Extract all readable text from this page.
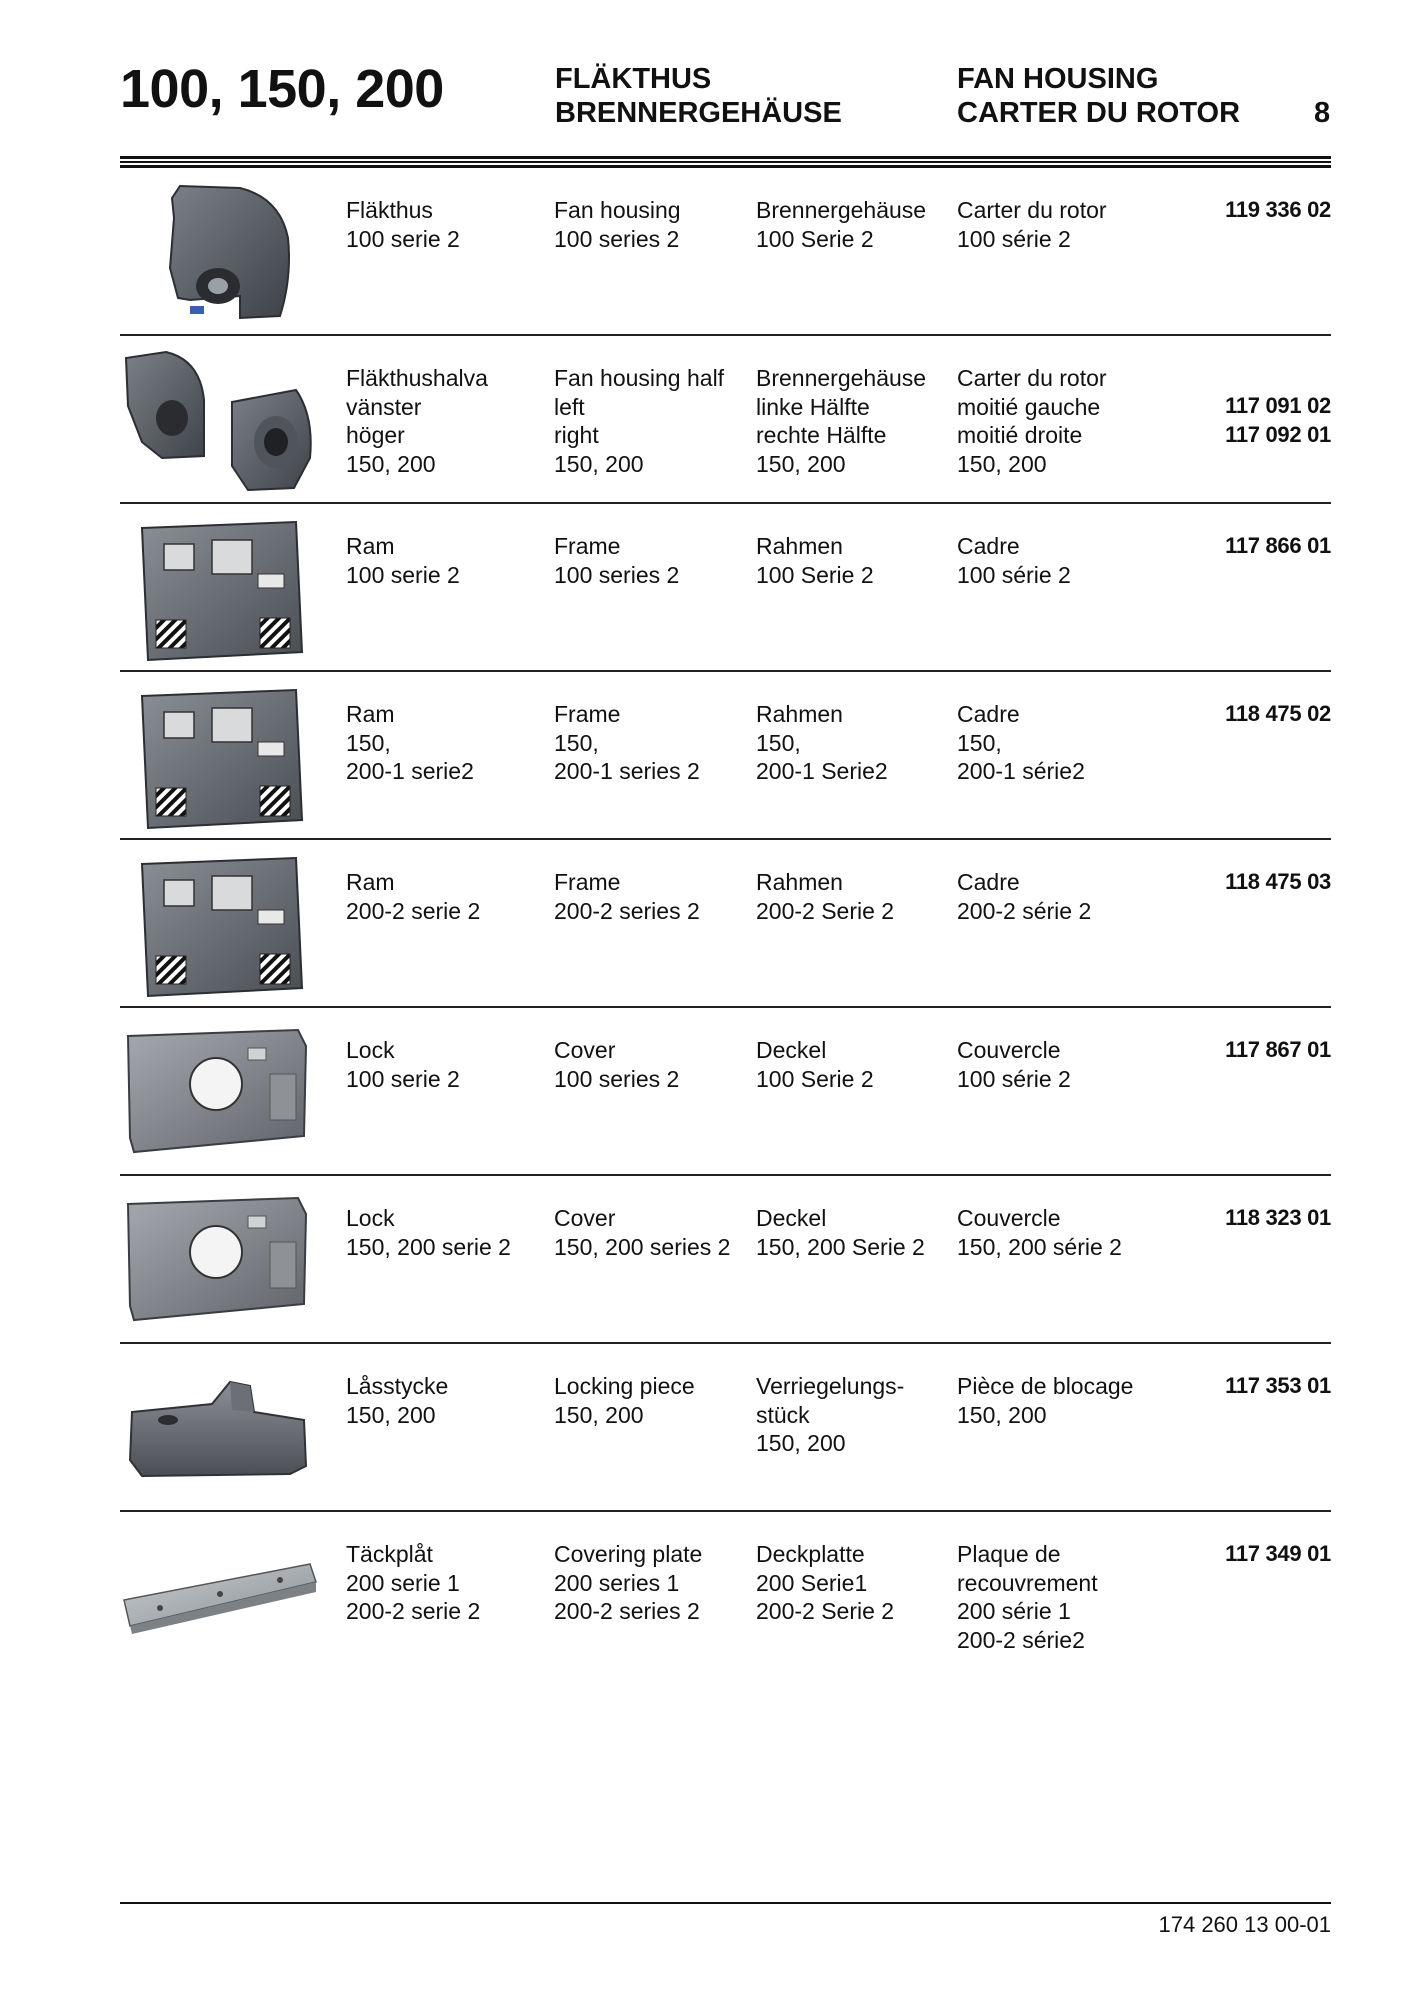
100, 150, 200	FLÄKTHUS
BRENNERGEHÄUSE
FAN HOUSING
CARTER DU ROTOR	8
Fläkthus
100 serie 2
Fan housing
100 series 2
Brennergehäuse
100 Serie 2
Carter du rotor
100 série 2
119 336 02
Fläkthushalva
vänster
höger
150, 200
Fan housing half
left
right
150, 200
Brennergehäuse
linke Hälfte
rechte Hälfte
150, 200
Carter du rotor
moitié gauche
moitié droite
150, 200
117 091 02
117 092 01
Ram
100 serie 2
Frame
100 series 2
Rahmen
100 Serie 2
Cadre
100 série 2
117 866 01
Ram
150,
200-1 serie2
Frame
150,
200-1 series 2
Rahmen
150,
200-1 Serie2
Cadre
150,
200-1 série2
118 475 02
Ram
200-2 serie 2
Frame
200-2 series 2
Rahmen
200-2 Serie 2
Cadre
200-2 série 2
118 475 03
Lock
100 serie 2
Cover
100 series 2
Deckel
100 Serie 2
Couvercle
100 série 2
117 867 01
Lock
150, 200 serie 2
Cover
150, 200 series 2
Deckel
150, 200 Serie 2
Couvercle
150, 200 série 2
118 323 01
Låsstycke
150, 200
Locking piece
150, 200
Verriegelungs-
stück
150, 200
Pièce de blocage
150, 200
117 353 01
Täckplåt
200 serie 1
200-2 serie 2
Covering plate
200 series 1
200-2 series 2
Deckplatte
200 Serie1
200-2 Serie 2
Plaque de
recouvrement
200 série 1
200-2 série2
117 349 01
174 260 13 00-01
